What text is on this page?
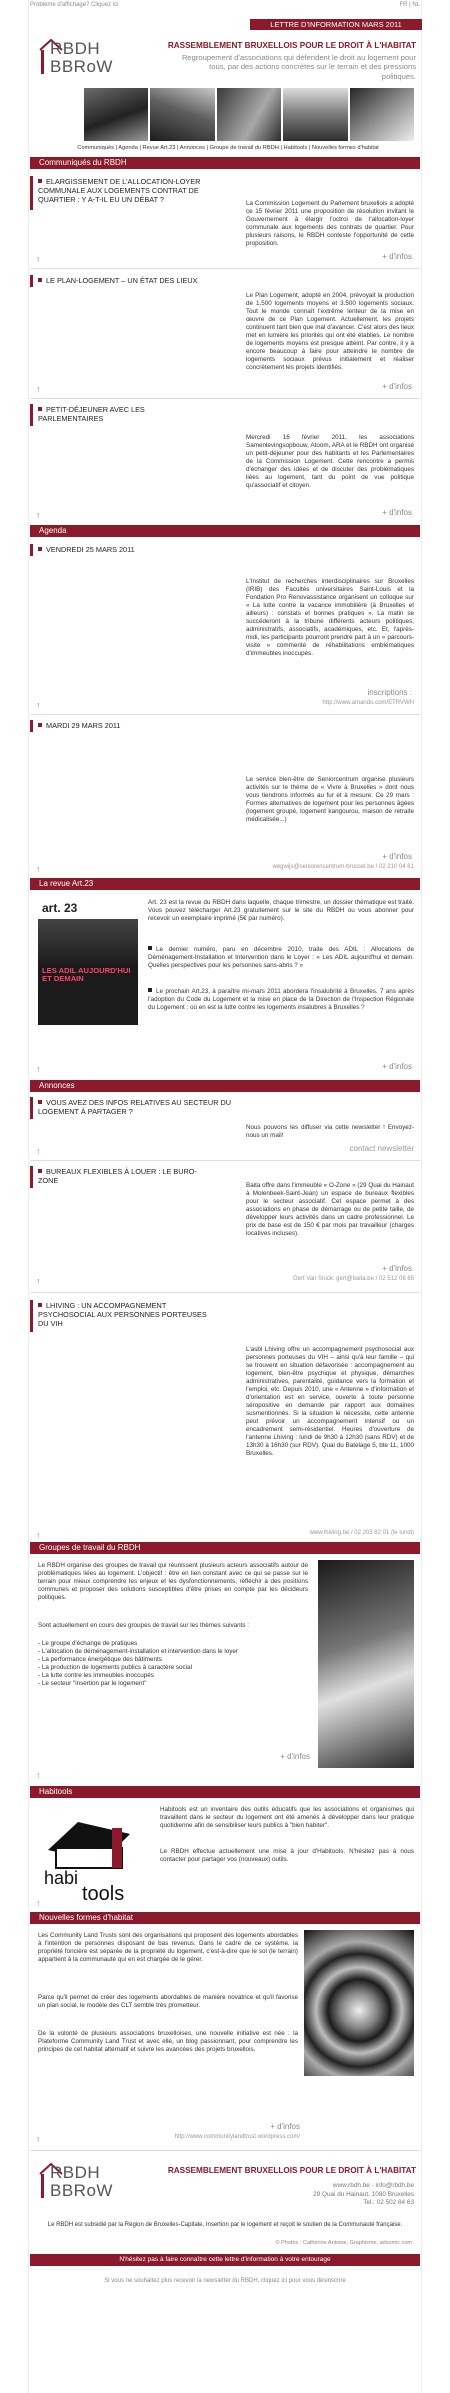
Problème d'affichage? Cliquez ici	FR | NL
LETTRE D'INFORMATION MARS 2011
RBDH
BBRoW
RASSEMBLEMENT BRUXELLOIS POUR LE DROIT À L'HABITAT
Regroupement d'associations qui défendent le droit au logement pour tous, par des actions concrètes sur le terrain et des pressions politiques.
Communiqués | Agenda | Revue Art.23 | Annonces | Groupe de travail du RBDH | Habitools | Nouvelles formes d'habitat
Communiqués du RBDH
ELARGISSEMENT DE L'ALLOCATION-LOYER COMMUNALE AUX LOGEMENTS CONTRAT DE QUARTIER : Y A-T-IL EU UN DÉBAT ?	La Commission Logement du Parlement bruxellois a adopté ce 15 février 2011 une proposition de résolution invitant le Gouvernement à élargir l'octroi de l'allocation-loyer communale aux logements des contrats de quartier. Pour plusieurs raisons, le RBDH conteste l'opportunité de cette proposition.
+ d'infos
↑
LE PLAN-LOGEMENT – UN ÉTAT DES LIEUX
Le Plan Logement, adopté en 2004, prévoyait la production de 1.500 logements moyens et 3.500 logements sociaux. Tout le monde connaît l'extrême lenteur de la mise en œuvre de ce Plan Logement. Actuellement, les projets continuent tant bien que mal d'avancer. C'est alors des lieux met en lumière les priorités qui ont été établies. Le nombre de logements moyens est presque atteint. Par contre, il y a encore beaucoup à faire pour atteindre le nombre de logements sociaux prévus initialement et réaliser concrètement les projets identifiés.
+ d'infos
↑
PETIT-DÉJEUNER AVEC LES PARLEMENTAIRES
Mercredi 16 février 2011, les associations Samenlevingsopbouw, Atoom, ARA et le RBDH ont organisé un petit-déjeuner pour des habitants et les Parlementaires de la Commission Logement. Cette rencontre a permis d'échanger des idées et de discuter des problématiques liées au logement, tant du point de vue politique qu'associatif et citoyen.
+ d'infos
↑
Agenda
VENDREDI 25 MARS 2011
L'Institut de recherches interdisciplinaires sur Bruxelles (IRIB) des Facultés universitaires Saint-Louis et la Fondation Pro Renovassistance organisent un colloque sur « La lutte contre la vacance immobilière (à Bruxelles et ailleurs) : constats et bonnes pratiques ». La matin se succéderont à la tribune différents acteurs politiques, administratifs, associatifs, académiques, etc. Et, l'après-midi, les participants pourront prendre part à un « parcours-visite » commenté de réhabilitations emblématiques d'immeubles inoccupés.
inscriptions :
http://www.amando.com/ETRVWH
↑
MARDI 29 MARS 2011
Le service bien-être de Seniorcentrum organise plusieurs activités sur le thème de « Vivre à Bruxelles » dont nous vous tiendrons informés au fur et à mesure. Ce 29 mars : Formes alternatives de logement pour les personnes âgées (logement groupé, logement kangourou, maison de retraite médicalisée...)
+ d'infos
wegwijs@seniorencentrum-brussel.be / 02 210 04 61
↑
La revue Art.23
art. 23
LES ADIL AUJOURD'HUI ET DEMAIN
Art. 23 est la revue du RBDH dans laquelle, chaque trimestre, un dossier thématique est traité. Vous pouvez télécharger Art.23 gratuitement sur le site du RBDH ou vous abonner pour recevoir un exemplaire imprimé (5€ par numéro).
Le dernier numéro, paru en décembre 2010, traite des ADIL : Allocations de Déménagement-Installation et Intervention dans le Loyer : « Les ADIL aujourd'hui et demain. Quelles perspectives pour les personnes sans-abris ? »
Le prochain Art.23, à paraître mi-mars 2011 abordera l'insalubrité à Bruxelles. 7 ans après l'adoption du Code du Logement et la mise en place de la Direction de l'Inspection Régionale du Logement : où en est la lutte contre les logements insalubres à Bruxelles ?
+ d'infos
↑
Annonces
VOUS AVEZ DES INFOS RELATIVES AU SECTEUR DU LOGEMENT À PARTAGER ?
Nous pouvons les diffuser via cette newsletter ! Envoyez-nous un mail!
contact newsletter
↑
BUREAUX FLEXIBLES À LOUER : LE BURO-ZONE
Baita offre dans l'immeuble « O-Zone » (29 Quai du Hainaut à Molenbeek-Saint-Jean) un espace de bureaux flexibles pour le secteur associatif. Cet espace permet à des associations en phase de démarrage ou de petite taille, de développer leurs activités dans un cadre professionnel. Le prix de base est de 150 € par mois par travailleur (charges locatives incluses).
+ d'infos
Gert Van Snick: gert@baita.be / 02 512 08 65
↑
LHIVING : UN ACCOMPAGNEMENT PSYCHOSOCIAL AUX PERSONNES PORTEUSES DU VIH
L'asbl Lhiving offre un accompagnement psychosocial aux personnes porteuses du VIH – ainsi qu'à leur famille – qui se trouvent en situation défavorisée : accompagnement au logement, bien-être psychique et physique, démarches administratives, parentalité, guidance vers la formation et l'emploi, etc. Depuis 2010, une « Antenne » d'information et d'orientation est en service, ouverte à toute personne séropositive en demande par rapport aux domaines susmentionnés. Si la situation le nécessite, cette antenne peut prévoir un accompagnement intensif ou un encadrement semi-résidentiel. Heures d'ouverture de l'antenne Lhiving : lundi de 9h30 à 12h30 (sans RDV) et de 13h30 à 16h30 (sur RDV). Quai du Batelage 5, bte 11, 1000 Bruxelles.
www.lhiving.be / 02 203 82 01 (le lundi)
↑
Groupes de travail du RBDH
Le RBDH organise des groupes de travail qui réunissent plusieurs acteurs associatifs autour de problématiques liées au logement. L'objectif : être en lien constant avec ce qui se passe sur le terrain pour mieux comprendre les enjeux et les dysfonctionnements, réfléchir à des positions communes et proposer des solutions susceptibles d'être prises en compte par les décideurs politiques.
Sont actuellement en cours des groupes de travail sur les thèmes suivants :
- Le groupe d'échange de pratiques
- L'allocation de déménagement-installation et intervention dans le loyer
- La performance énergétique des bâtiments
- La production de logements publics à caractère social
- La lutte contre les immeubles inoccupés
- Le secteur "insertion par le logement"
+ d'infos
↑
Habitools
habi
tools
Habitools est un inventaire des outils éducatifs que les associations et organismes qui travaillent dans le secteur du logement ont été amenés à développer dans leur pratique quotidienne afin de sensibiliser leurs publics à "bien habiter".
Le RBDH effectue actuellement une mise à jour d'Habitools. N'hésitez pas à nous contacter pour partager vos (nouveaux) outils.
↑
Nouvelles formes d'habitat
Les Community Land Trusts sont des organisations qui proposent des logements abordables à l'intention de personnes disposant de bas revenus. Dans le cadre de ce système, la propriété foncière est séparée de la propriété du logement, c'est-à-dire que le sol (le terrain) appartient à la communauté qui en est chargée de le gérer.
Parce qu'il permet de créer des logements abordables de manière novatrice et qu'il favorise un plan social, le modèle des CLT semble très prometteur.
De la volonté de plusieurs associations bruxelloises, une nouvelle initiative est née : la Plateforme Community Land Trust et avec elle, un blog passionnant, pour comprendre les principes de cet habitat alternatif et suivre les avancées des projets bruxellois.
+ d'infos
http://www.communitylandtrust.wordpress.com/
↑
RBDH
BBRoW
RASSEMBLEMENT BRUXELLOIS POUR LE DROIT À L'HABITAT
www.rbdh.be - info@rbdh.be
29 Quai du Hainaut, 1080 Bruxelles
Tel.: 02 502 84 63
Le RBDH est subsidié par la Région de Bruxelles-Capitale, Insertion par le logement et reçoit le soutien de la Communauté française.
© Photos : Catherine Antoine, Graphisme, adsomic.com
N'hésitez pas à faire connaître cette lettre d'information à votre entourage
Si vous ne souhaitez plus recevoir la newsletter du RBDH, cliquez ici pour vous désinscrire
